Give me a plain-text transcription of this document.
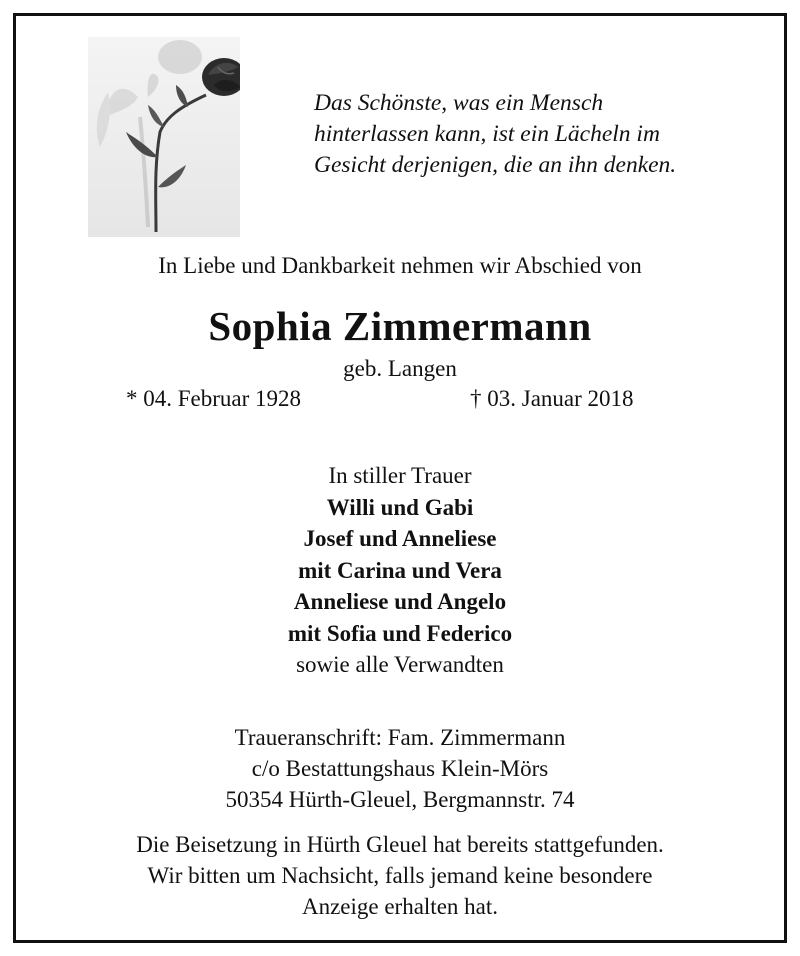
Das Schönste, was ein Mensch
hinterlassen kann, ist ein Lächeln im
Gesicht derjenigen, die an ihn denken.
In Liebe und Dankbarkeit nehmen wir Abschied von
Sophia Zimmermann
geb. Langen
* 04. Februar 1928	† 03. Januar 2018
In stiller Trauer
Willi und Gabi
Josef und Anneliese
mit Carina und Vera
Anneliese und Angelo
mit Sofia und Federico
sowie alle Verwandten
Traueranschrift: Fam. Zimmermann
c/o Bestattungshaus Klein-Mörs
50354 Hürth-Gleuel, Bergmannstr. 74
Die Beisetzung in Hürth Gleuel hat bereits stattgefunden.
Wir bitten um Nachsicht, falls jemand keine besondere
Anzeige erhalten hat.
